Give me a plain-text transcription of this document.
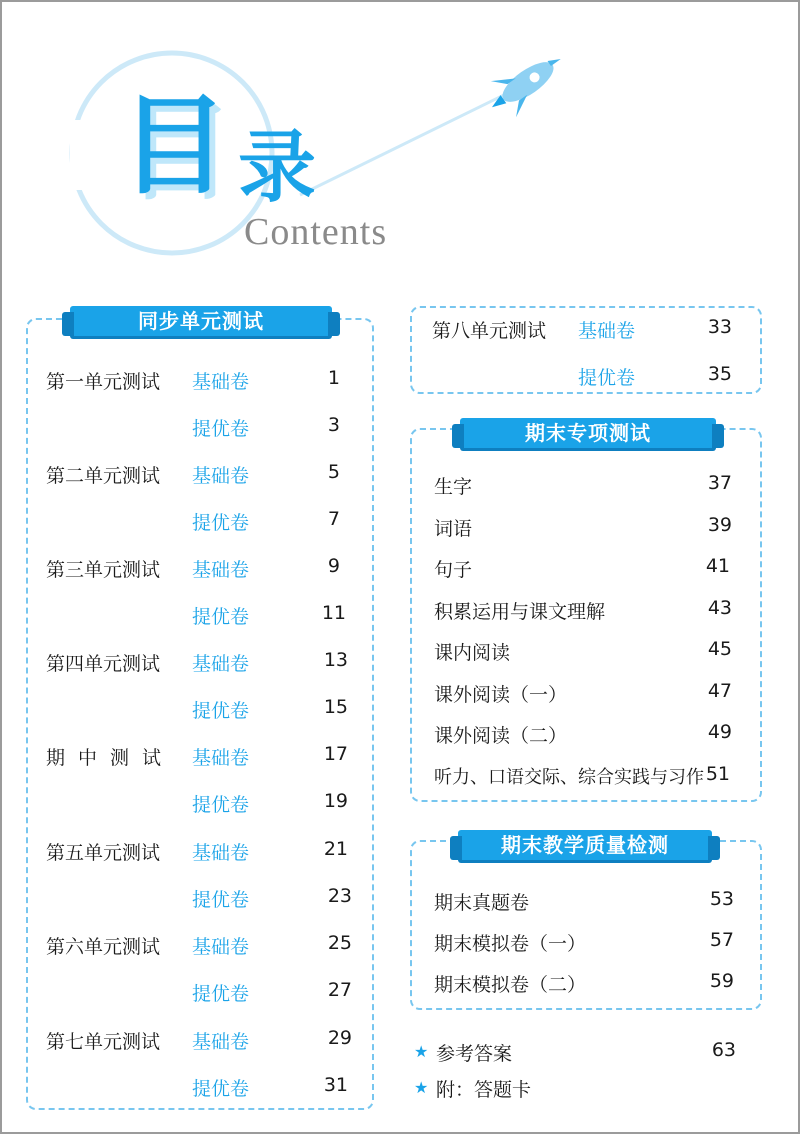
目 录
Contents
同步单元测试
第一单元测试 基础卷	1
提优卷	3
第二单元测试 基础卷	5
提优卷	7
第三单元测试 基础卷	9
提优卷	11
第四单元测试 基础卷	13
提优卷	15
期中测试 基础卷	17
提优卷	19
第五单元测试 基础卷	21
提优卷	23
第六单元测试 基础卷	25
提优卷	27
第七单元测试 基础卷	29
提优卷	31
第八单元测试 基础卷	33
提优卷	35
期末专项测试
生字	37
词语	39
句子	41
积累运用与课文理解	43
课内阅读	45
课外阅读（一）	47
课外阅读（二）	49
听力、口语交际、综合实践与习作 51
期末教学质量检测
期末真题卷	53
期末模拟卷（一）	57
期末模拟卷（二）	59
★ 参考答案	63
★ 附：答题卡
